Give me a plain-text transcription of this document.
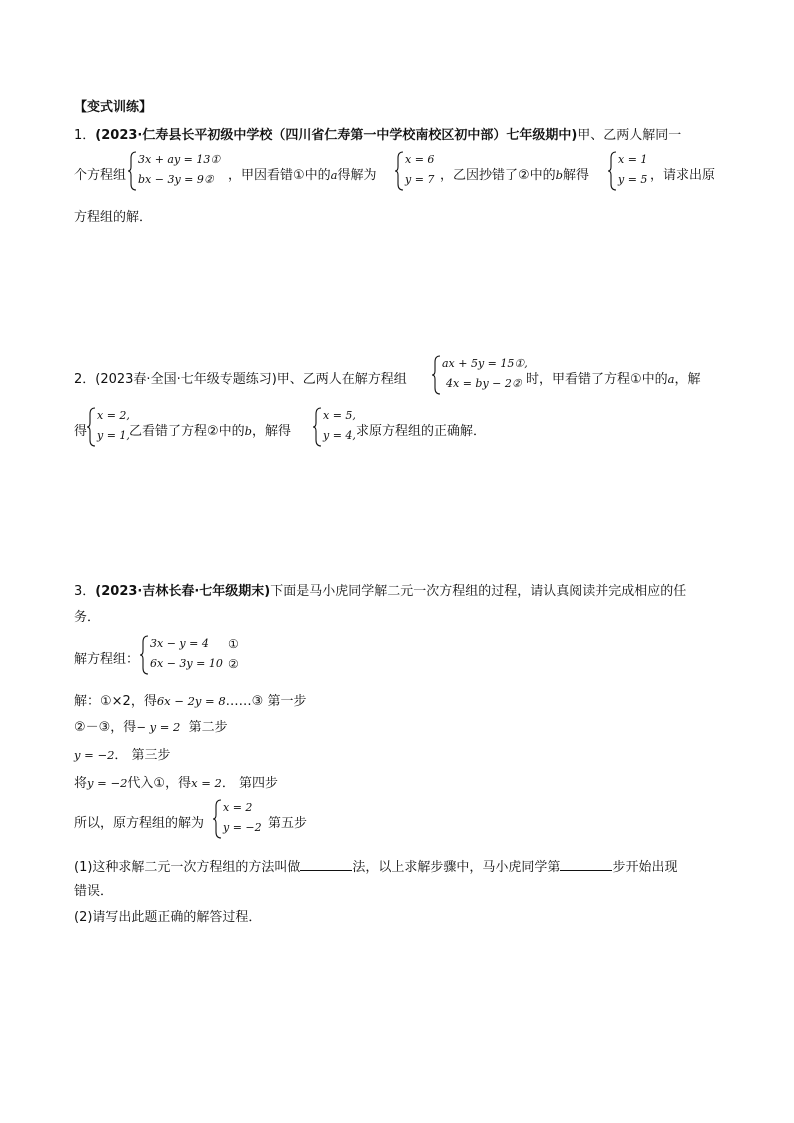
【变式训练】
1．(2023·仁寿县长平初级中学校（四川省仁寿第一中学校南校区初中部）七年级期中)甲、乙两人解同一
个方程组
3x + ay = 13①
bx − 3y = 9② ，甲因看错①中的a得解为
x = 6
y = 7 ，乙因抄错了②中的b解得
x = 1
y = 5 ，请求出原
方程组的解．
2．(2023春·全国·七年级专题练习)甲、乙两人在解方程组
ax + 5y = 15①,
4x = by − 2② 时，甲看错了方程①中的a，解
得
x = 2,
y = 1, 乙看错了方程②中的b，解得
x = 5,
y = 4, 求原方程组的正确解．
3．(2023·吉林长春·七年级期末)下面是马小虎同学解二元一次方程组的过程，请认真阅读并完成相应的任
务．
解方程组：
3x − y = 4
6x − 3y = 10
①
②
解：①×2，得6x − 2y = 8……③ 第一步
②－③，得− y = 2 第二步
y = −2． 第三步
将y = −2代入①，得x = 2． 第四步
所以，原方程组的解为
x = 2
y = −2 第五步
(1)这种求解二元一次方程组的方法叫做	法，以上求解步骤中，马小虎同学第	步开始出现
错误．
(2)请写出此题正确的解答过程．
